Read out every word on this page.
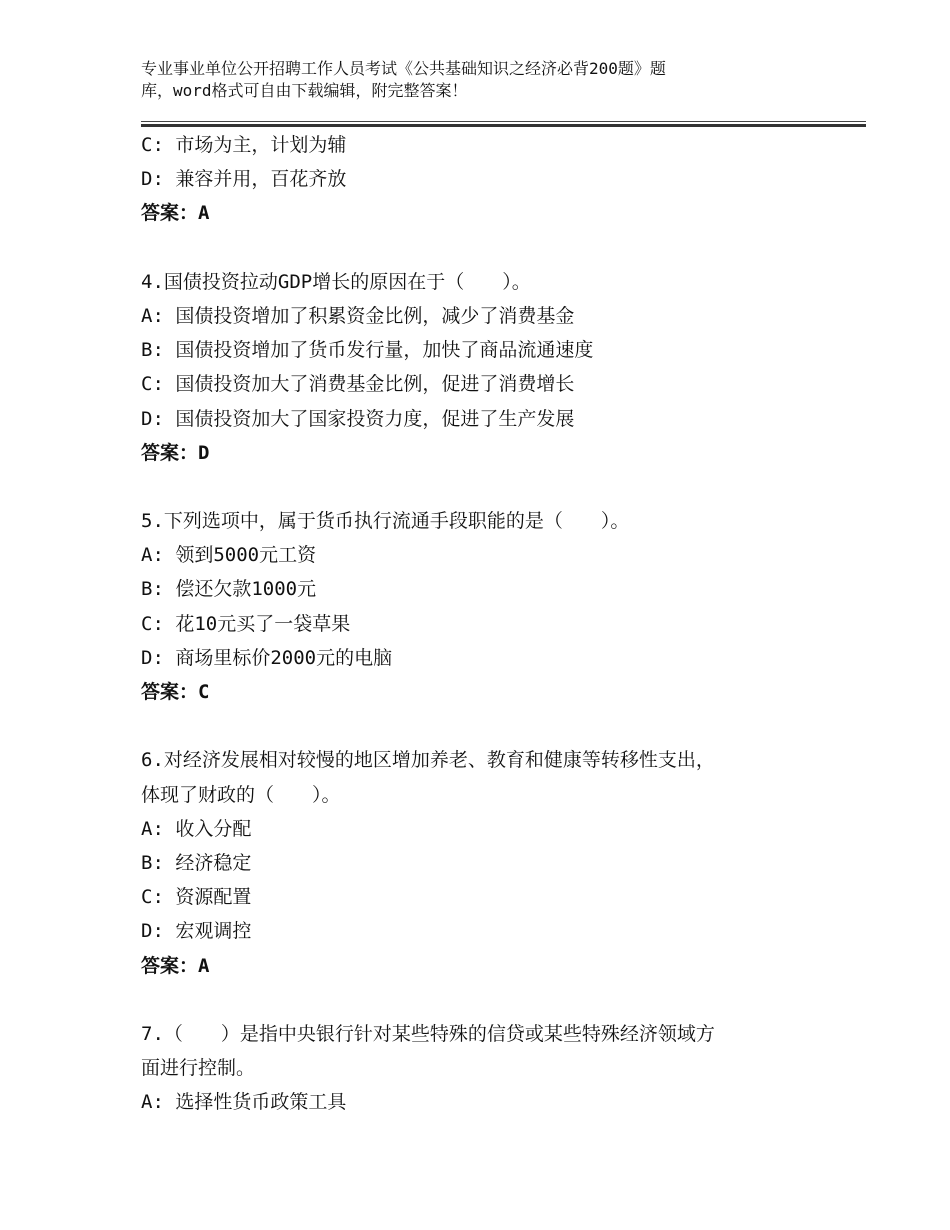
专业事业单位公开招聘工作人员考试《公共基础知识之经济必背200题》题
库，word格式可自由下载编辑，附完整答案！
C: 市场为主，计划为辅
D: 兼容并用，百花齐放
答案：A
4.国债投资拉动GDP增长的原因在于（　　）。
A: 国债投资增加了积累资金比例，减少了消费基金
B: 国债投资增加了货币发行量，加快了商品流通速度
C: 国债投资加大了消费基金比例，促进了消费增长
D: 国债投资加大了国家投资力度，促进了生产发展
答案：D
5.下列选项中，属于货币执行流通手段职能的是（　　）。
A: 领到5000元工资
B: 偿还欠款1000元
C: 花10元买了一袋草果
D: 商场里标价2000元的电脑
答案：C
6.对经济发展相对较慢的地区增加养老、教育和健康等转移性支出，
体现了财政的（　　）。
A: 收入分配
B: 经济稳定
C: 资源配置
D: 宏观调控
答案：A
7.（　　）是指中央银行针对某些特殊的信贷或某些特殊经济领域方
面进行控制。
A: 选择性货币政策工具
